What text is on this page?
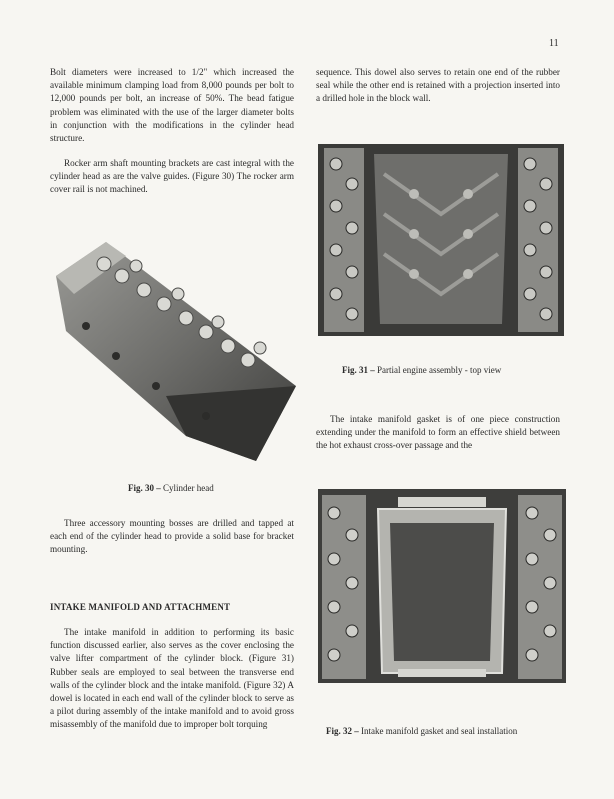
11

Bolt diameters were increased to 1/2" which increased the available minimum clamping load from 8,000 pounds per bolt to 12,000 pounds per bolt, an increase of 50%. The bead fatigue problem was eliminated with the use of the larger diameter bolts in conjunction with the modifications in the cylinder head structure.

Rocker arm shaft mounting brackets are cast integral with the cylinder head as are the valve guides. (Figure 30) The rocker arm cover rail is not machined.

Fig. 30 – Cylinder head

Three accessory mounting bosses are drilled and tapped at each end of the cylinder head to provide a solid base for bracket mounting.

INTAKE MANIFOLD AND ATTACHMENT

The intake manifold in addition to performing its basic function discussed earlier, also serves as the cover enclosing the valve lifter compartment of the cylinder block. (Figure 31) Rubber seals are employed to seal between the transverse end walls of the cylinder block and the intake manifold. (Figure 32) A dowel is located in each end wall of the cylinder block to serve as a pilot during assembly of the intake manifold and to avoid gross misassembly of the manifold due to improper bolt torquing

sequence. This dowel also serves to retain one end of the rubber seal while the other end is retained with a projection inserted into a drilled hole in the block wall.

Fig. 31 – Partial engine assembly - top view

The intake manifold gasket is of one piece construction extending under the manifold to form an effective shield between the hot exhaust cross-over passage and the

Fig. 32 – Intake manifold gasket and seal installation
